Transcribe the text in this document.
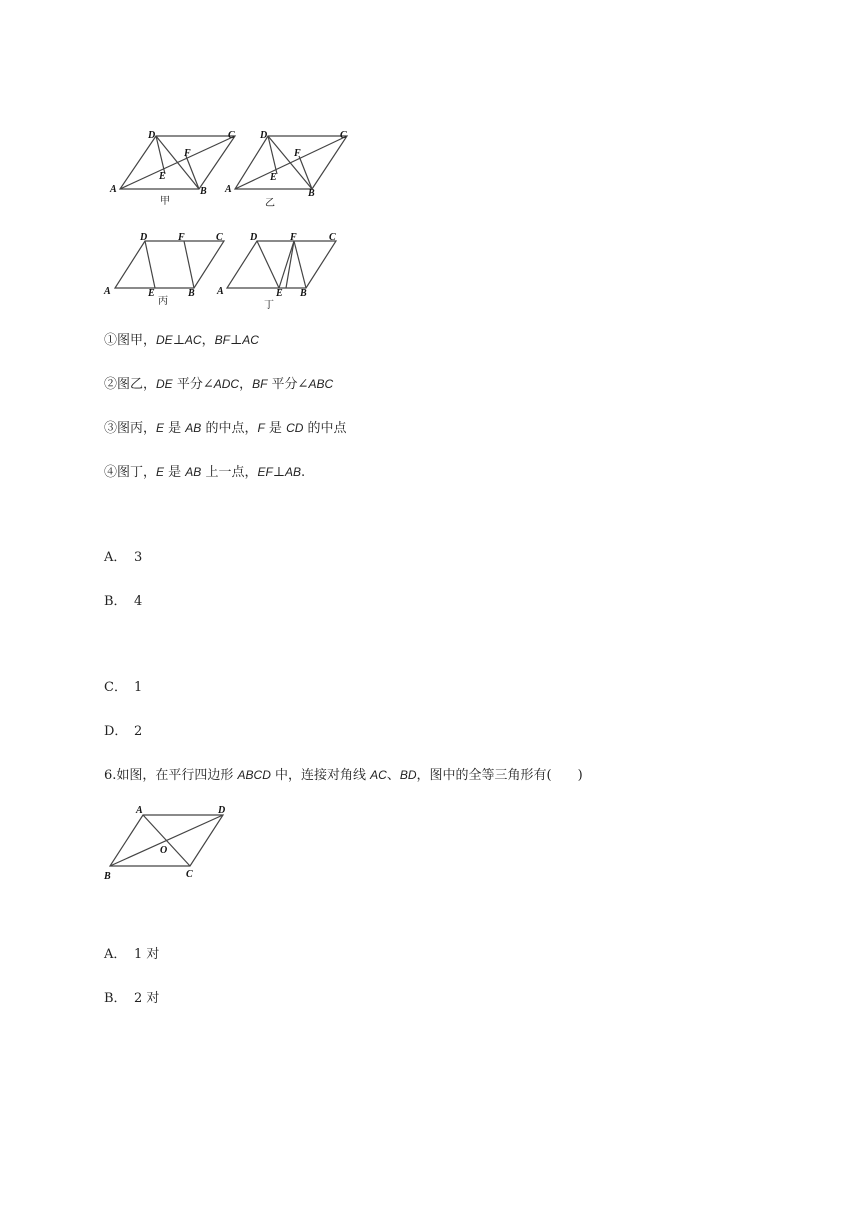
D	C
F
E
A	B
甲
D	C
F
E
A	B
乙
D	F	C
A	E	B
丙
D	F	C
A	E B
丁
①图甲，DE⊥AC，BF⊥AC
②图乙，DE 平分∠ADC，BF 平分∠ABC
③图丙，E 是 AB 的中点，F 是 CD 的中点
④图丁，E 是 AB 上一点，EF⊥AB.
A． 3
B． 4
C． 1
D． 2
6.如图，在平行四边形 ABCD 中，连接对角线 AC、BD，图中的全等三角形有(　　)
A	D
O
B	C
A． 1 对
B． 2 对
